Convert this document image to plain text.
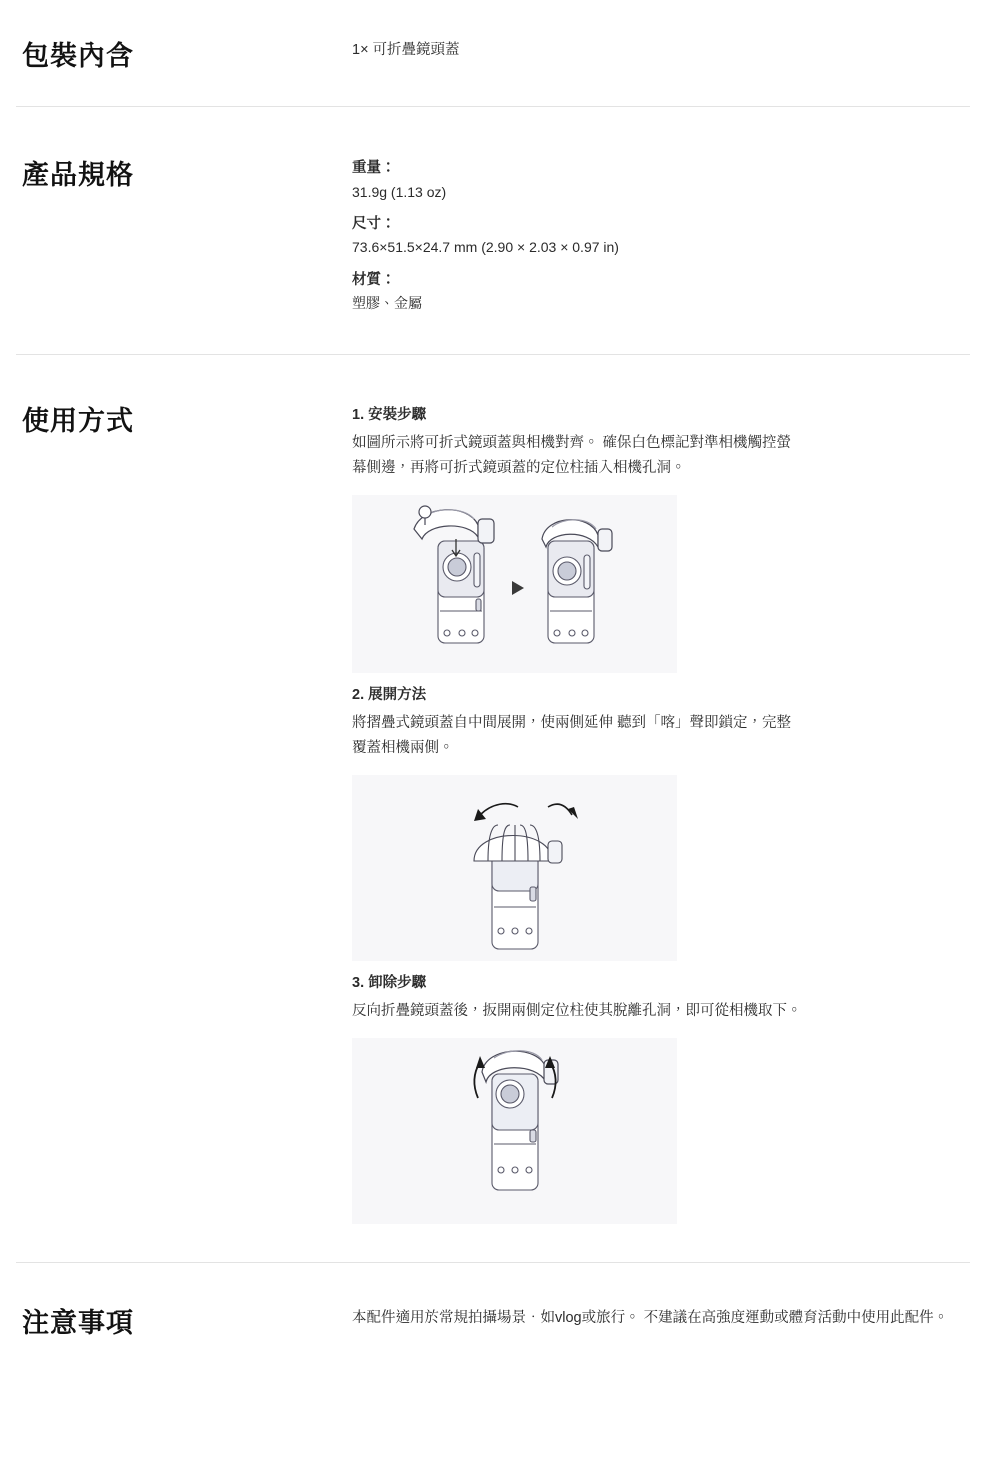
包裝內含	1× 可折疊鏡頭蓋
產品規格	重量：
31.9g (1.13 oz)
尺寸：
73.6×51.5×24.7 mm (2.90 × 2.03 × 0.97 in)
材質：
塑膠、金屬
使用方式	1. 安裝步驟
如圖所示將可折式鏡頭蓋與相機對齊。 確保白色標記對準相機觸控螢幕側邊，再將可折式鏡頭蓋的定位柱插入相機孔洞。
2. 展開方法
將摺疊式鏡頭蓋自中間展開，使兩側延伸 聽到「喀」聲即鎖定，完整覆蓋相機兩側。
3. 卸除步驟
反向折疊鏡頭蓋後，扳開兩側定位柱使其脫離孔洞，即可從相機取下。
注意事項	本配件適用於常規拍攝場景．如vlog或旅行。 不建議在高強度運動或體育活動中使用此配件。
